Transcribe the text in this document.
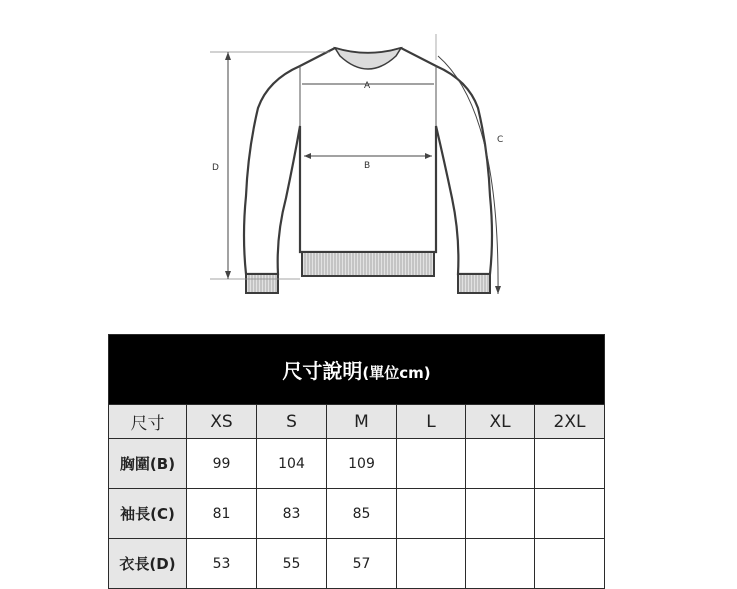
A
B
D
C
尺寸說明(單位cm)						
尺寸	XS	S	M	L	XL	2XL
胸圍(B)	99	104	109			
袖長(C)	81	83	85			
衣長(D)	53	55	57			
